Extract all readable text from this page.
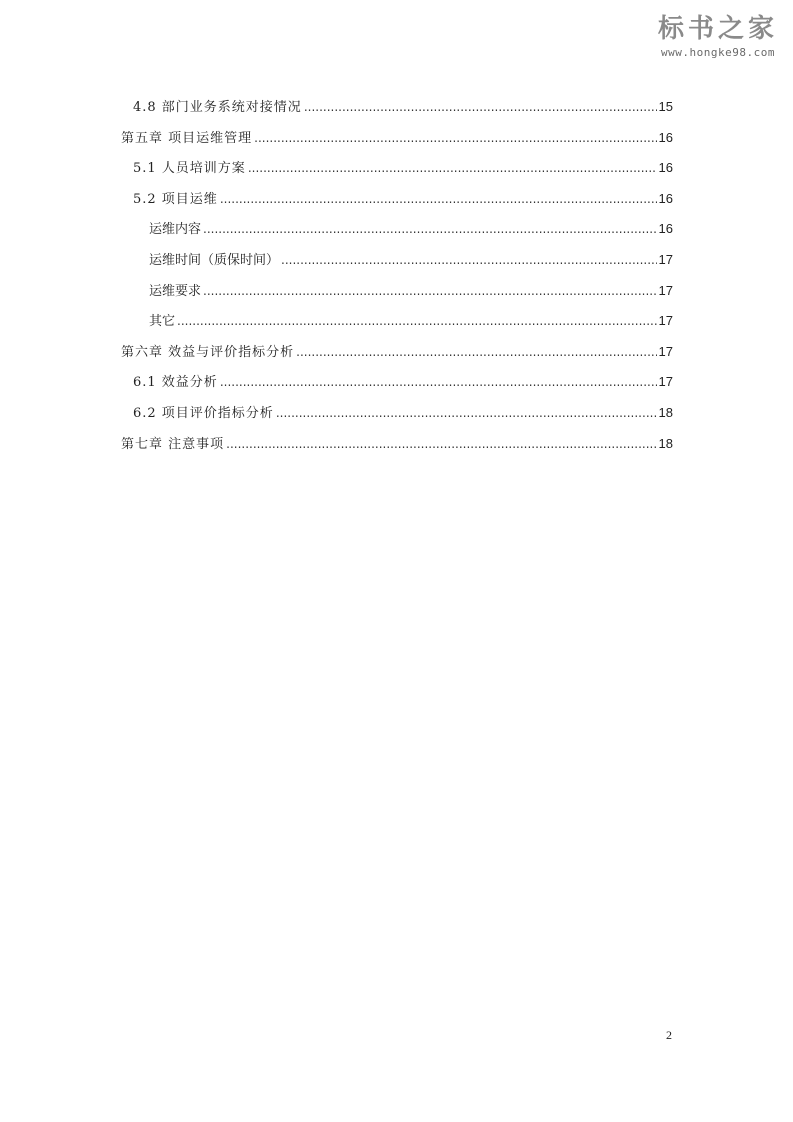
标书之家
www.hongke98.com
4.8 部门业务系统对接情况 .....	15
第五章 项目运维管理 .....	16
5.1 人员培训方案 .....	16
5.2 项目运维 .....	16
运维内容 .....	16
运维时间（质保时间） .....	17
运维要求 .....	17
其它 .....	17
第六章 效益与评价指标分析 .....	17
6.1 效益分析 .....	17
6.2 项目评价指标分析 .....	18
第七章 注意事项 .....	18
2
